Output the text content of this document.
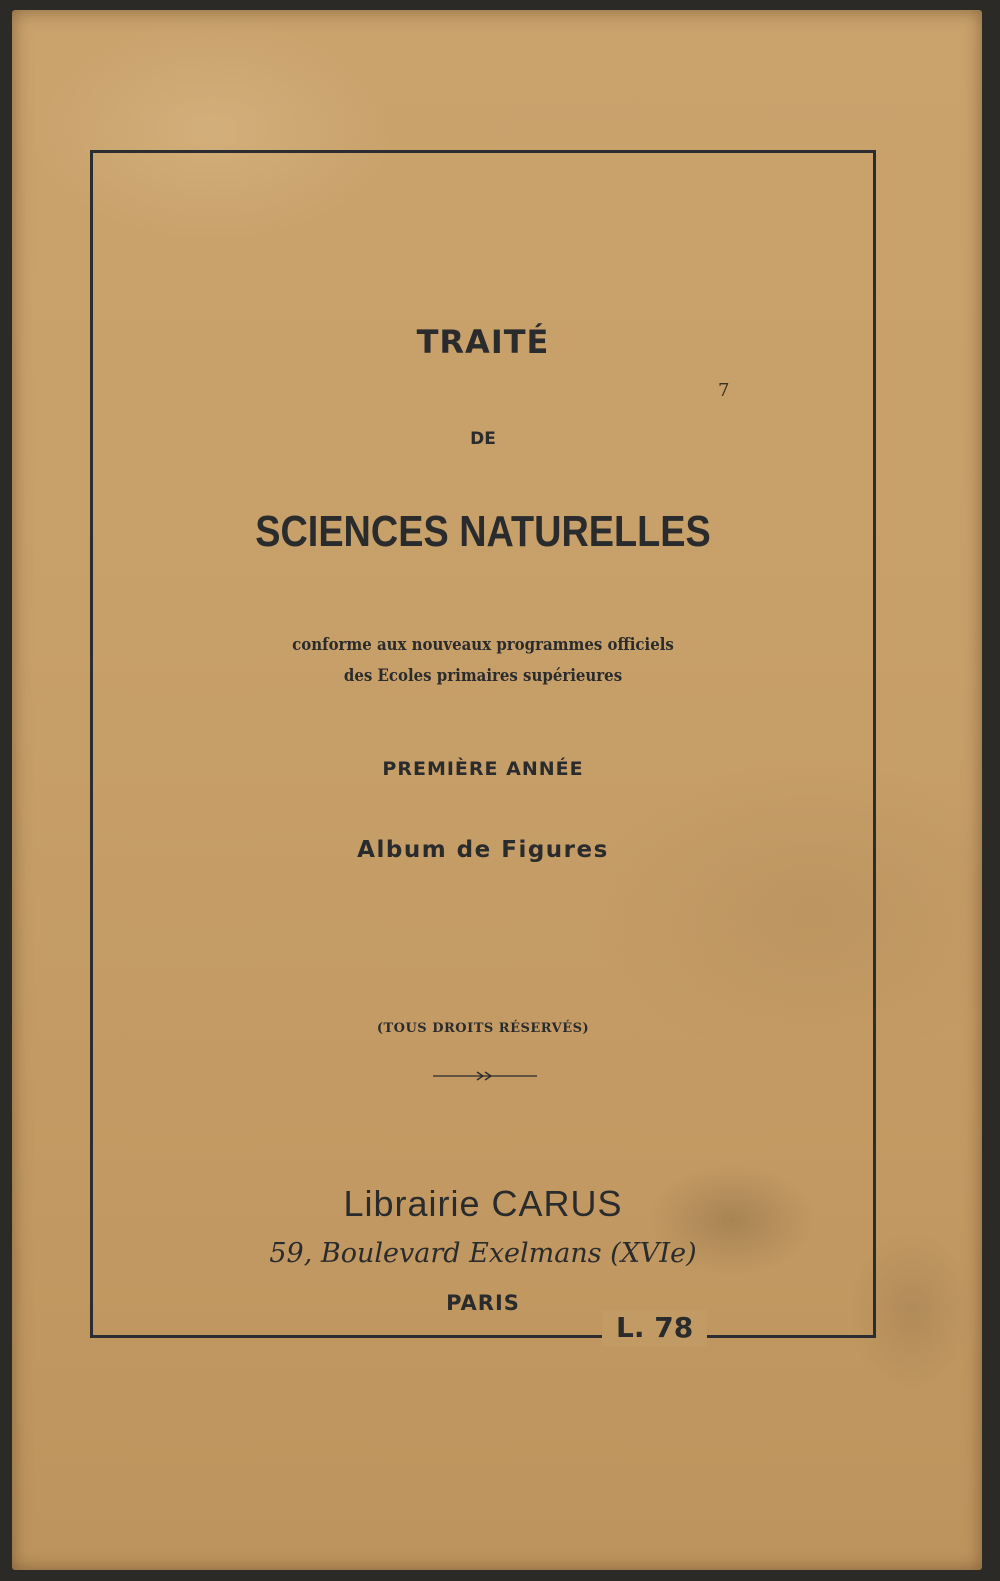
TRAITÉ
DE
SCIENCES NATURELLES
conforme aux nouveaux programmes officiels
des Ecoles primaires supérieures
PREMIÈRE ANNÉE
Album de Figures
(TOUS DROITS RÉSERVÉS)
Librairie CARUS
59, Boulevard Exelmans (XVIe)
PARIS
L. 78
7
